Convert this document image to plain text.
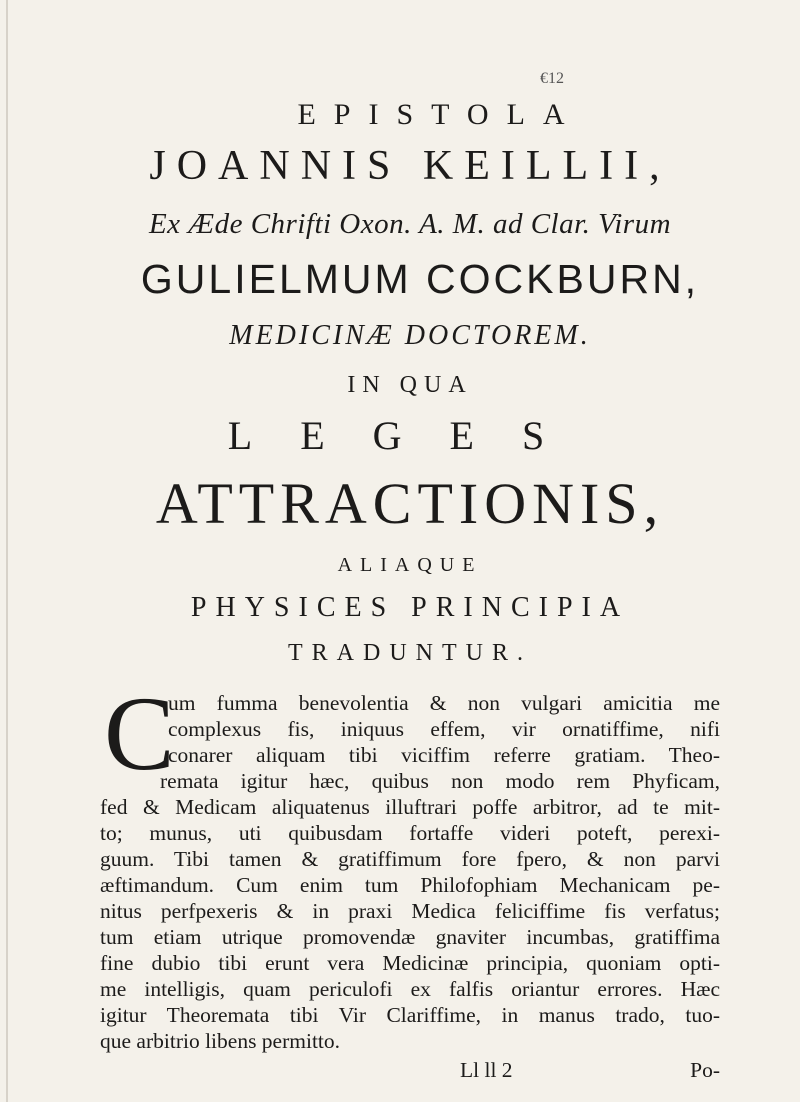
€12
EPISTOLA
JOANNIS KEILLII,
Ex Æde Chrifti Oxon. A. M. ad Clar. Virum
GULIELMUM COCKBURN,
MEDICINÆ DOCTOREM.
IN QUA
LEGES
ATTRACTIONIS,
ALIAQUE
PHYSICES PRINCIPIA
TRADUNTUR.
C
um fumma benevolentia & non vulgari amicitia me
complexus fis, iniquus effem, vir ornatiffime, nifi
conarer aliquam tibi viciffim referre gratiam. Theo-
remata igitur hæc, quibus non modo rem Phyficam,
fed & Medicam aliquatenus illuftrari poffe arbitror, ad te mit-
to; munus, uti quibusdam fortaffe videri poteft, perexi-
guum. Tibi tamen & gratiffimum fore fpero, & non parvi
æftimandum. Cum enim tum Philofophiam Mechanicam pe-
nitus perfpexeris & in praxi Medica feliciffime fis verfatus;
tum etiam utrique promovendæ gnaviter incumbas, gratiffima
fine dubio tibi erunt vera Medicinæ principia, quoniam opti-
me intelligis, quam periculofi ex falfis oriantur errores. Hæc
igitur Theoremata tibi Vir Clariffime, in manus trado, tuo-
que arbitrio libens permitto.
Ll ll 2	Po-
